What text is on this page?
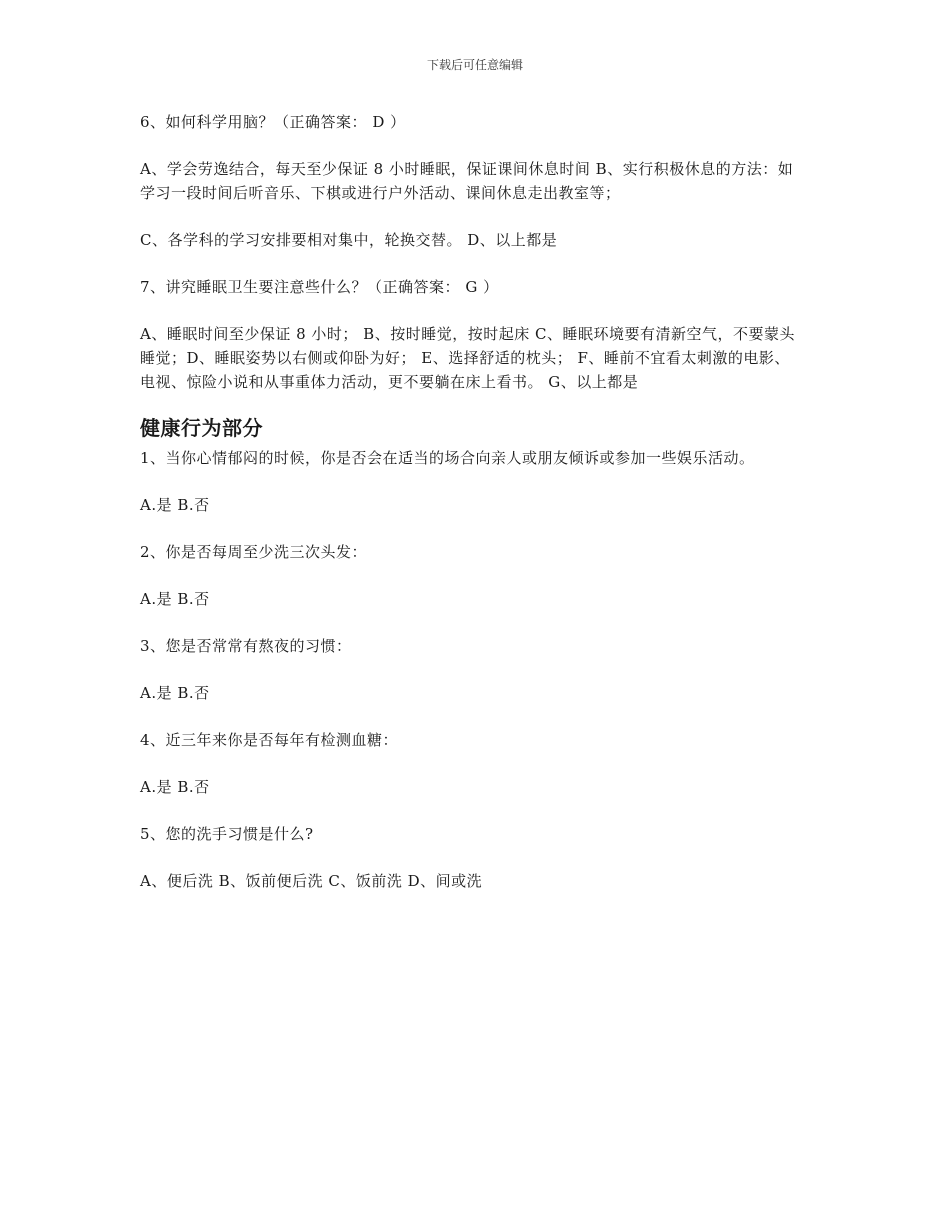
下载后可任意编辑

6、如何科学用脑？（正确答案： D ）

A、学会劳逸结合，每天至少保证 8 小时睡眠，保证课间休息时间 B、实行积极休息的方法：如

学习一段时间后听音乐、下棋或进行户外活动、课间休息走出教室等；

C、各学科的学习安排要相对集中，轮换交替。 D、以上都是

7、讲究睡眠卫生要注意些什么？（正确答案： G ）

A、睡眠时间至少保证 8 小时； B、按时睡觉，按时起床 C、睡眠环境要有清新空气，不要蒙头

睡觉；D、睡眠姿势以右侧或仰卧为好； E、选择舒适的枕头； F、睡前不宜看太刺激的电影、

电视、惊险小说和从事重体力活动，更不要躺在床上看书。 G、以上都是

健康行为部分

1、当你心情郁闷的时候，你是否会在适当的场合向亲人或朋友倾诉或参加一些娱乐活动。

A.是 B.否

2、你是否每周至少洗三次头发：

A.是 B.否

3、您是否常常有熬夜的习惯：

A.是 B.否

4、近三年来你是否每年有检测血糖：

A.是 B.否

5、您的洗手习惯是什么?

A、便后洗 B、饭前便后洗 C、饭前洗 D、间或洗
